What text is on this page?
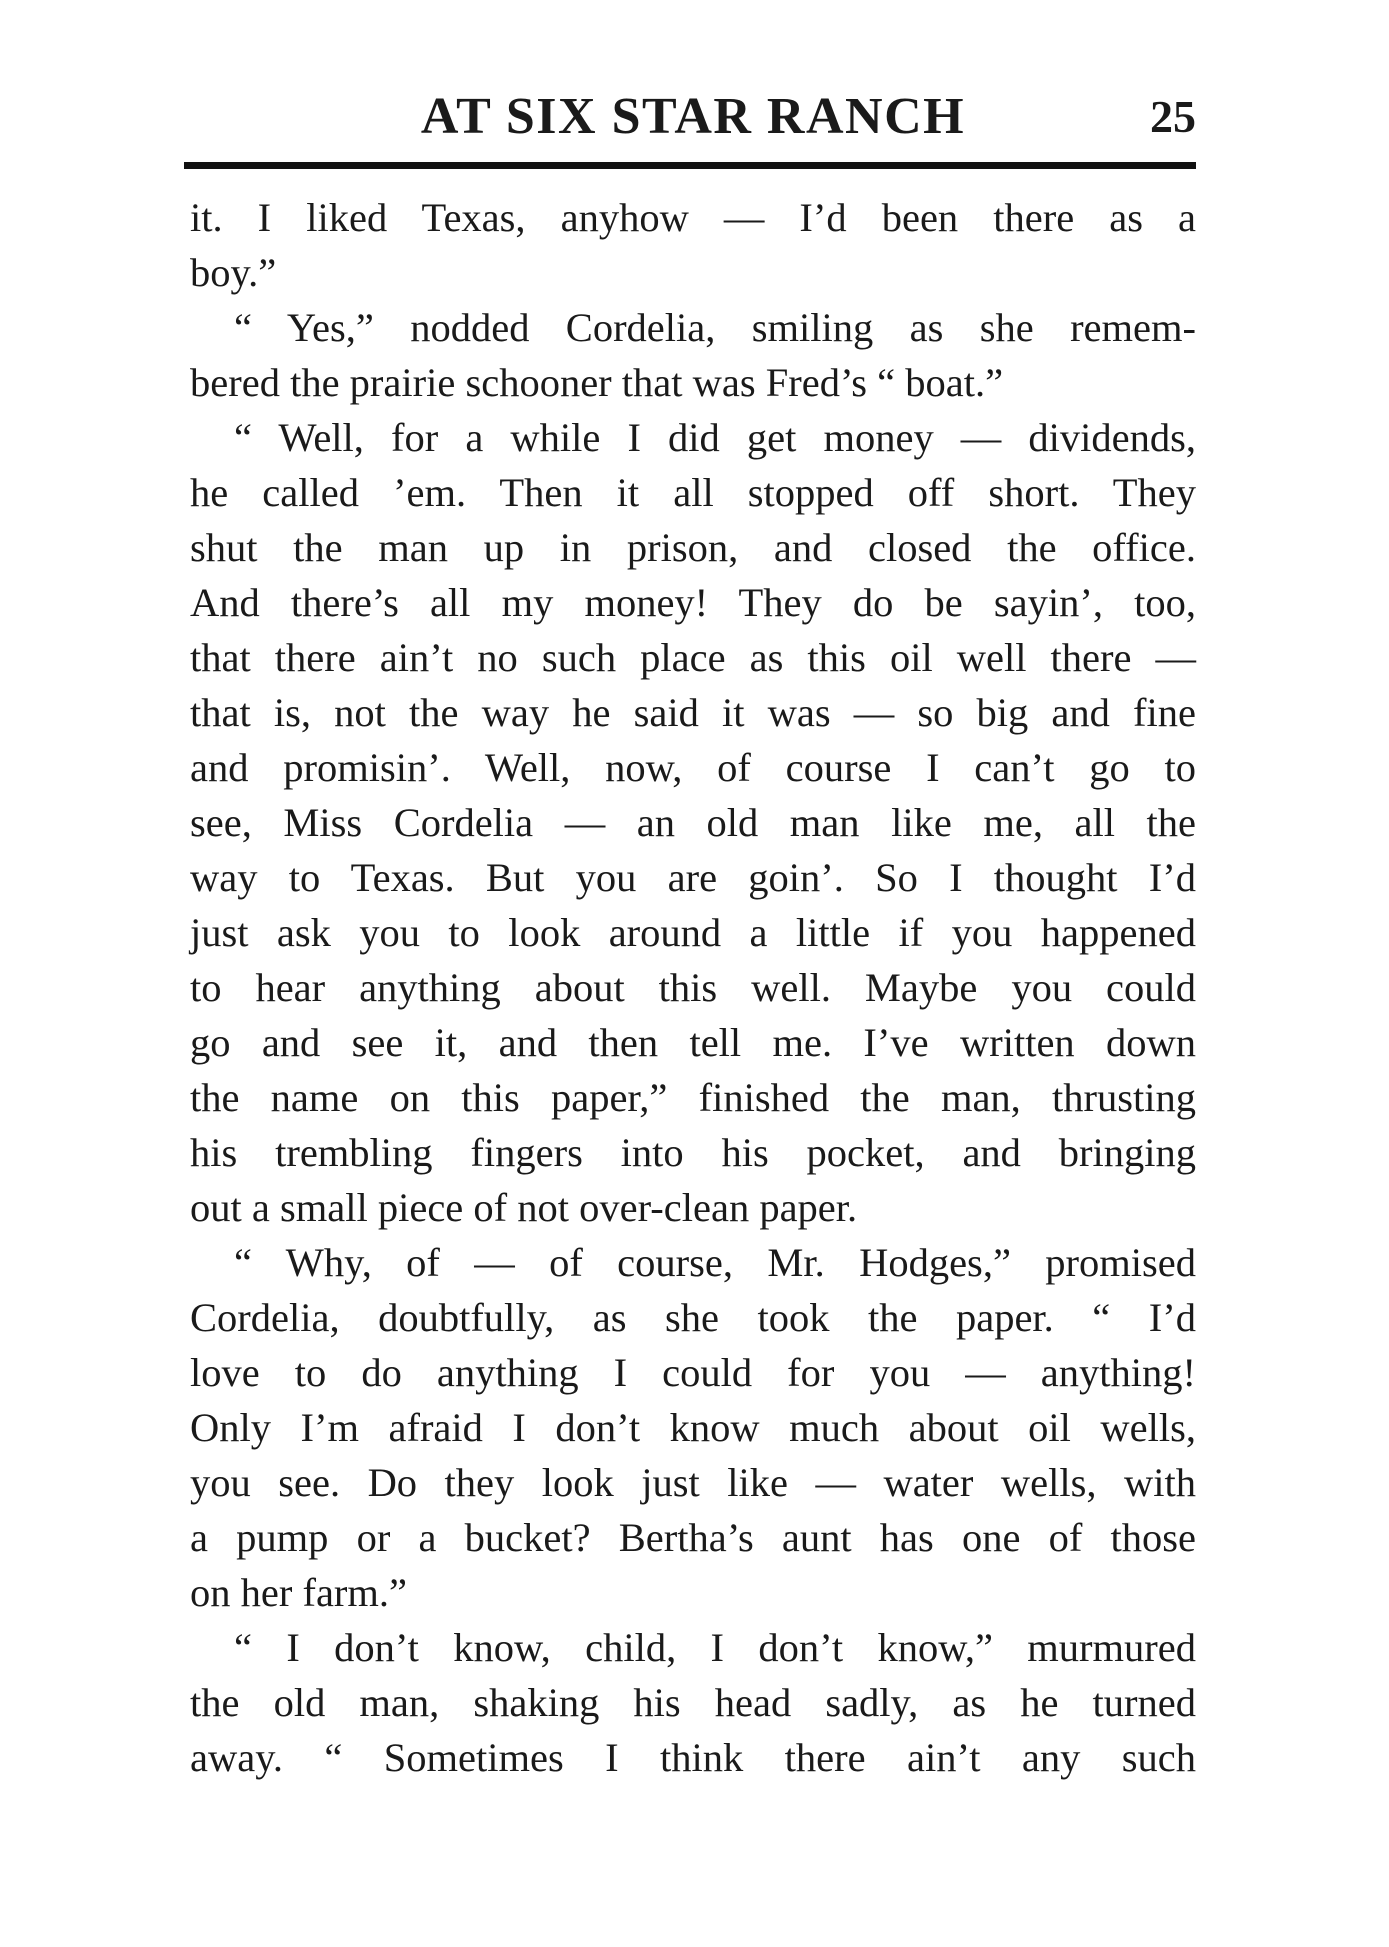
AT SIX STAR RANCH	25
it. I liked Texas, anyhow — I’d been there as a
boy.”
“ Yes,” nodded Cordelia, smiling as she remem-
bered the prairie schooner that was Fred’s “ boat.”
“ Well, for a while I did get money — dividends,
he called ’em. Then it all stopped off short. They
shut the man up in prison, and closed the office.
And there’s all my money! They do be sayin’, too,
that there ain’t no such place as this oil well there —
that is, not the way he said it was — so big and fine
and promisin’. Well, now, of course I can’t go to
see, Miss Cordelia — an old man like me, all the
way to Texas. But you are goin’. So I thought I’d
just ask you to look around a little if you happened
to hear anything about this well. Maybe you could
go and see it, and then tell me. I’ve written down
the name on this paper,” finished the man, thrusting
his trembling fingers into his pocket, and bringing
out a small piece of not over-clean paper.
“ Why, of — of course, Mr. Hodges,” promised
Cordelia, doubtfully, as she took the paper. “ I’d
love to do anything I could for you — anything!
Only I’m afraid I don’t know much about oil wells,
you see. Do they look just like — water wells, with
a pump or a bucket? Bertha’s aunt has one of those
on her farm.”
“ I don’t know, child, I don’t know,” murmured
the old man, shaking his head sadly, as he turned
away. “ Sometimes I think there ain’t any such
